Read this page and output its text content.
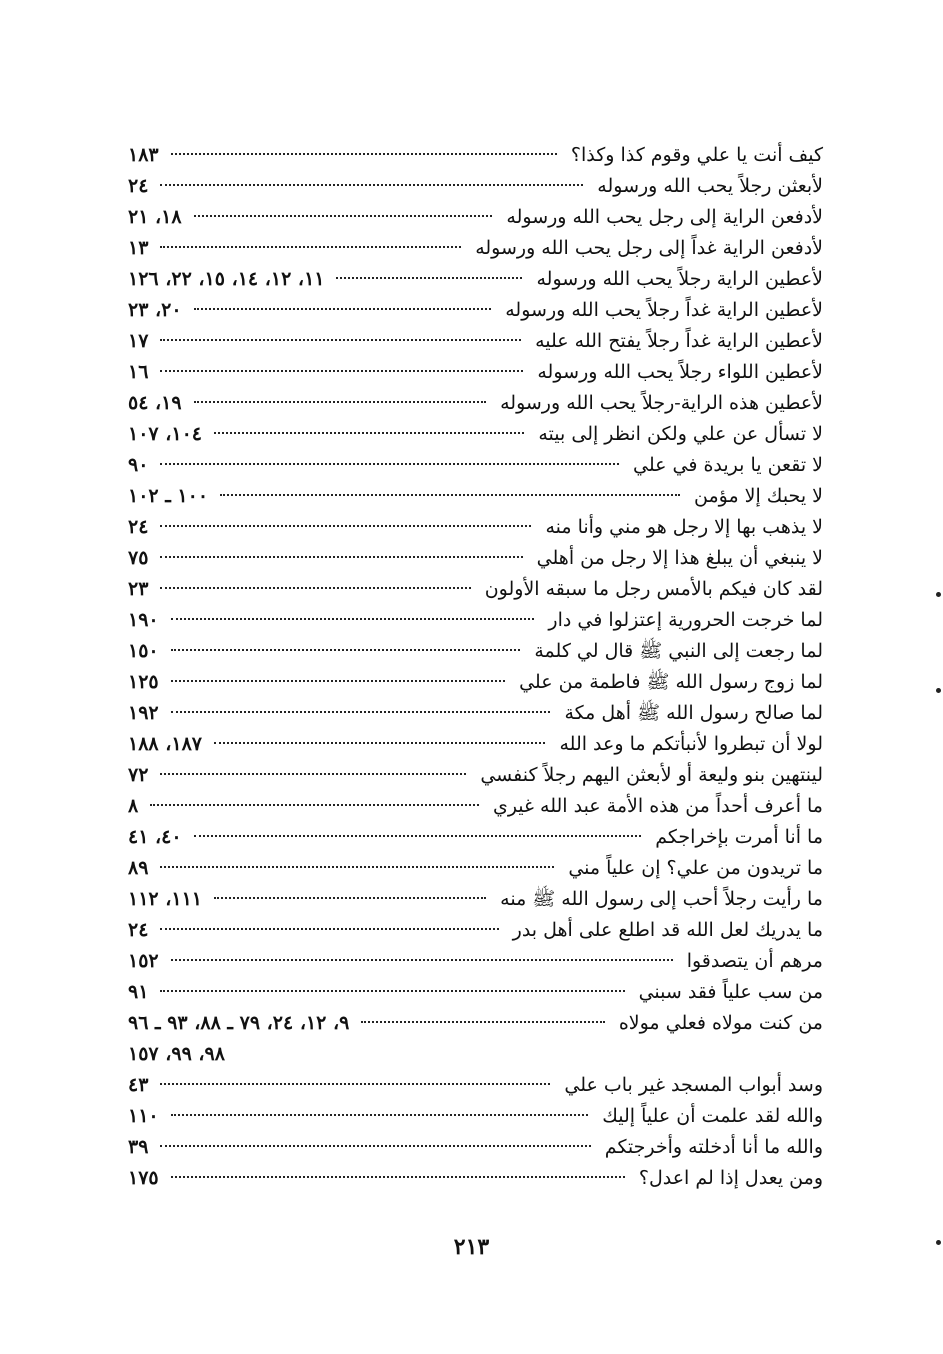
كيف أنت يا علي وقوم كذا وكذا؟
١٨٣
لأبعثن رجلاً يحب الله ورسوله
٢٤
لأدفعن الراية إلى رجل يحب الله ورسوله
١٨، ٢١
لأدفعن الراية غداً إلى رجل يحب الله ورسوله
١٣
لأعطين الراية رجلاً يحب الله ورسوله
١١، ١٢، ١٤، ١٥، ٢٢، ١٢٦
لأعطين الراية غداً رجلاً يحب الله ورسوله
٢٠، ٢٣
لأعطين الراية غداً رجلاً يفتح الله عليه
١٧
لأعطين اللواء رجلاً يحب الله ورسوله
١٦
لأعطين هذه الراية-رجلاً يحب الله ورسوله
١٩، ٥٤
لا تسأل عن علي ولكن انظر إلى بيته
١٠٤، ١٠٧
لا تقعن يا بريدة في علي
٩٠
لا يحبك إلا مؤمن
١٠٠ ـ ١٠٢
لا يذهب بها إلا رجل هو مني وأنا منه
٢٤
لا ينبغي أن يبلغ هذا إلا رجل من أهلي
٧٥
لقد كان فيكم بالأمس رجل ما سبقه الأولون
٢٣
لما خرجت الحرورية إعتزلوا في دار
١٩٠
لما رجعت إلى النبي ﷺ قال لي كلمة
١٥٠
لما زوج رسول الله ﷺ فاطمة من علي
١٢٥
لما صالح رسول الله ﷺ أهل مكة
١٩٢
لولا أن تبطروا لأنبأتكم ما وعد الله
١٨٧، ١٨٨
لينتهين بنو وليعة أو لأبعثن اليهم رجلاً كنفسي
٧٢
ما أعرف أحداً من هذه الأمة عبد الله غيري
٨
ما أنا أمرت بإخراجكم
٤٠، ٤١
ما تريدون من علي؟ إن علياً مني
٨٩
ما رأيت رجلاً أحب إلى رسول الله ﷺ منه
١١١، ١١٢
ما يدريك لعل الله قد اطلع على أهل بدر
٢٤
مرهم أن يتصدقوا
١٥٢
من سب علياً فقد سبني
٩١
من كنت مولاه فعلي مولاه
٩، ١٢، ٢٤، ٧٩ ـ ٨٨، ٩٣ ـ ٩٦
٩٨، ٩٩، ١٥٧
وسد أبواب المسجد غير باب علي
٤٣
والله لقد علمت أن علياً إليك
١١٠
والله ما أنا أدخلته وأخرجتكم
٣٩
ومن يعدل إذا لم اعدل؟
١٧٥
٢١٣
